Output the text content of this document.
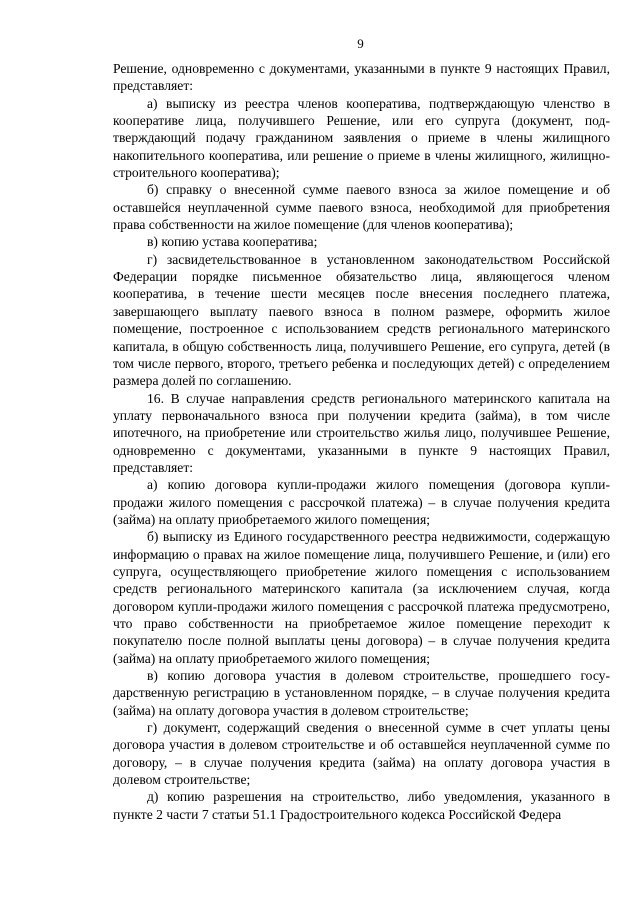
9

Решение, одновременно с документами, указанными в пункте 9 настоящих Правил, представляет:

а) выписку из реестра членов кооператива, подтверждающую членство в кооперативе лица, получившего Решение, или его супруга (документ, подтверждающий подачу гражданином заявления о приеме в члены жилищного накопительного кооператива, или решение о приеме в члены жилищного, жилищно-строительного кооператива);

б) справку о внесенной сумме паевого взноса за жилое помещение и об оставшейся неуплаченной сумме паевого взноса, необходимой для приобретения права собственности на жилое помещение (для членов кооператива);

в) копию устава кооператива;

г) засвидетельствованное в установленном законодательством Российской Федерации порядке письменное обязательство лица, являющегося членом кооператива, в течение шести месяцев после внесения последнего платежа, завершающего выплату паевого взноса в полном размере, оформить жилое помещение, построенное с использованием средств регионального материнского капитала, в общую собственность лица, получившего Решение, его супруга, детей (в том числе первого, второго, третьего ребенка и последующих детей) с определением размера долей по соглашению.

16. В случае направления средств регионального материнского капитала на уплату первоначального взноса при получении кредита (займа), в том числе ипотечного, на приобретение или строительство жилья лицо, получившее Решение, одновременно с документами, указанными в пункте 9 настоящих Правил, представляет:

а) копию договора купли-продажи жилого помещения (договора купли-продажи жилого помещения с рассрочкой платежа) – в случае получения кредита (займа) на оплату приобретаемого жилого помещения;

б) выписку из Единого государственного реестра недвижимости, содержащую информацию о правах на жилое помещение лица, получившего Решение, и (или) его супруга, осуществляющего приобретение жилого помещения с использованием средств регионального материнского капитала (за исключением случая, когда договором купли-продажи жилого помещения с рассрочкой платежа предусмотрено, что право собственности на приобретаемое жилое помещение переходит к покупателю после полной выплаты цены договора) – в случае получения кредита (займа) на оплату приобретаемого жилого помещения;

в) копию договора участия в долевом строительстве, прошедшего государственную регистрацию в установленном порядке, – в случае получения кредита (займа) на оплату договора участия в долевом строительстве;

г) документ, содержащий сведения о внесенной сумме в счет уплаты цены договора участия в долевом строительстве и об оставшейся неуплаченной сумме по договору, – в случае получения кредита (займа) на оплату договора участия в долевом строительстве;

д) копию разрешения на строительство, либо уведомления, указанного в пункте 2 части 7 статьи 51.1 Градостроительного кодекса Российской Федера
